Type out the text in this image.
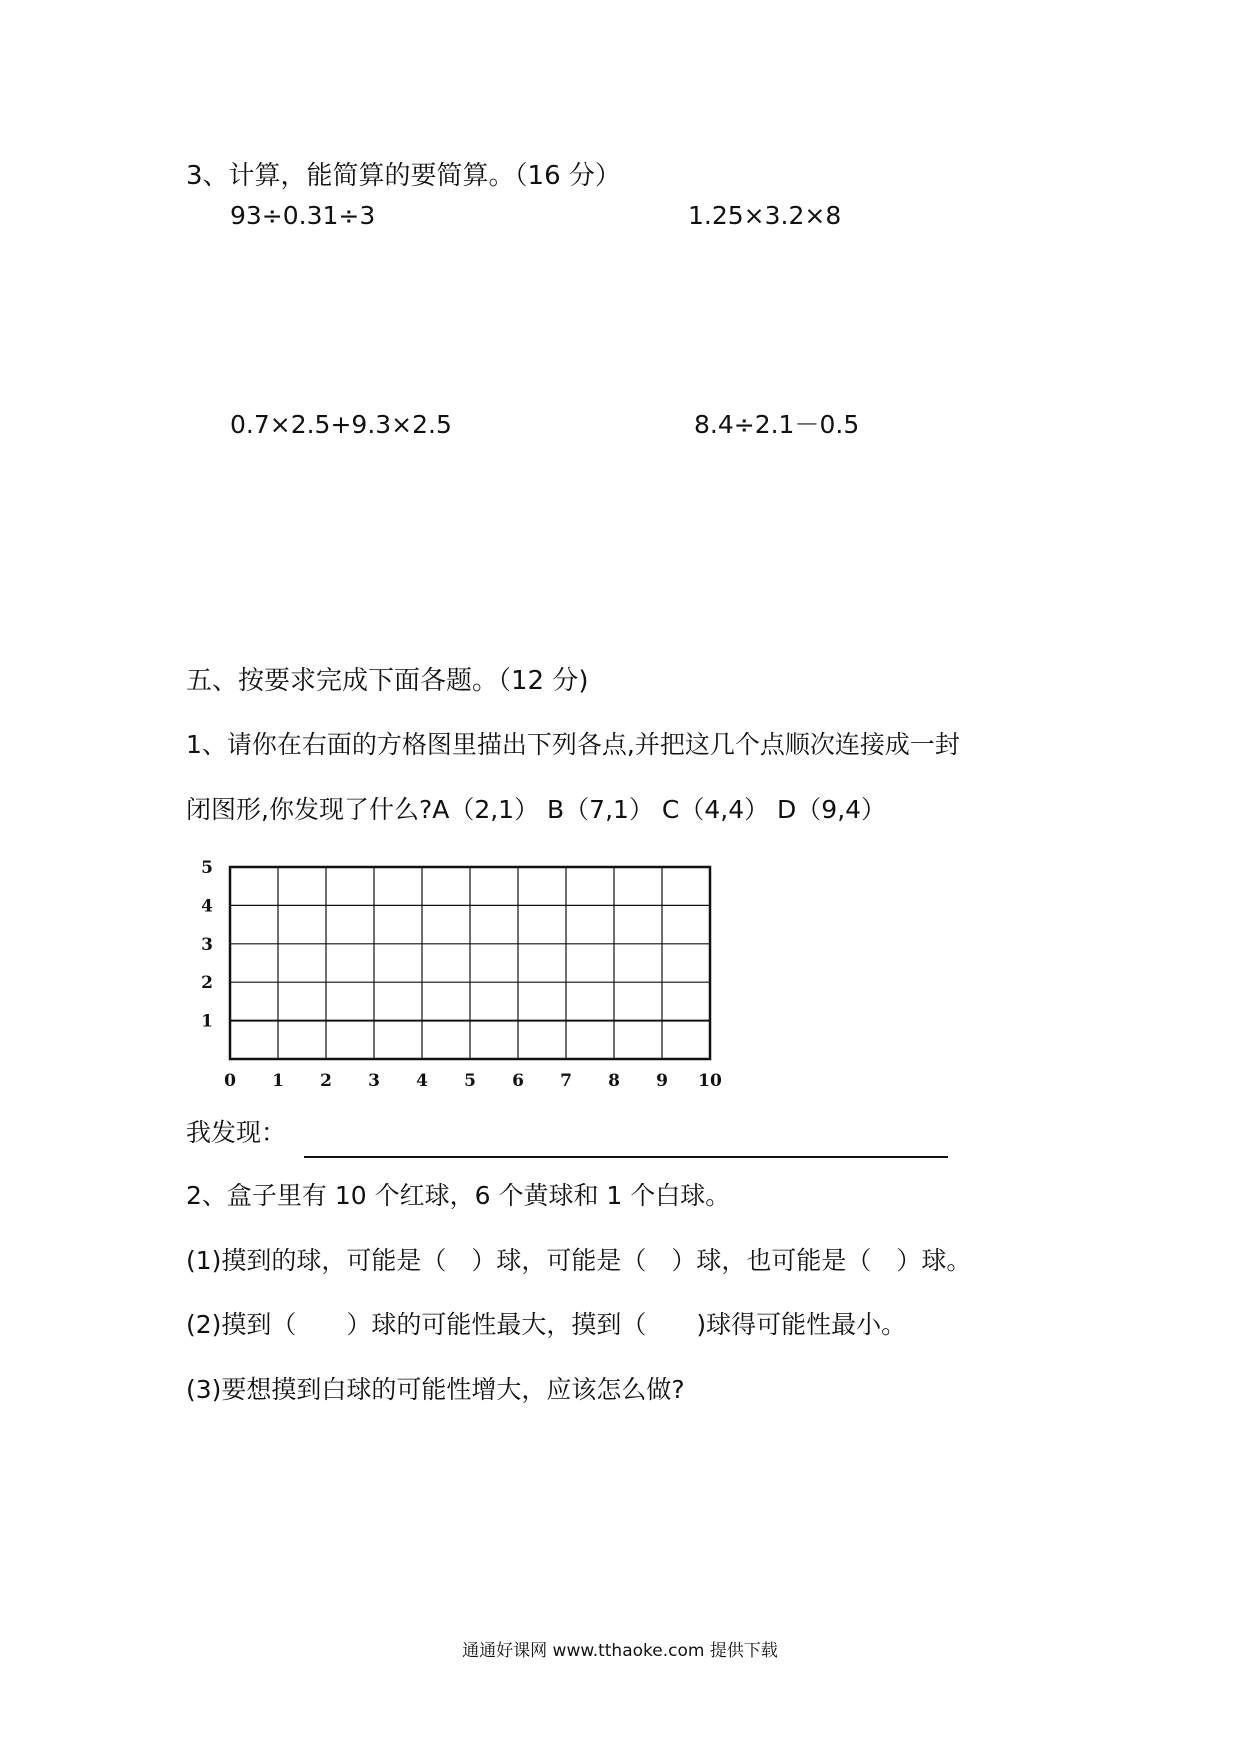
3、计算，能简算的要简算。（16 分）
93÷0.31÷3	1.25×3.2×8
0.7×2.5+9.3×2.5	8.4÷2.1－0.5
五、按要求完成下面各题。（12 分)
1、请你在右面的方格图里描出下列各点,并把这几个点顺次连接成一封
闭图形,你发现了什么?A（2,1） B（7,1） C（4,4） D（9,4）
0 1 2 3 4 5 6 7 8 9 10
1
2
3
4
5
我发现：
2、盒子里有 10 个红球，6 个黄球和 1 个白球。
(1)摸到的球，可能是（　）球，可能是（　）球，也可能是（　）球。
(2)摸到（　　）球的可能性最大，摸到（　　)球得可能性最小。
(3)要想摸到白球的可能性增大，应该怎么做?
通通好课网 www.tthaoke.com 提供下载
